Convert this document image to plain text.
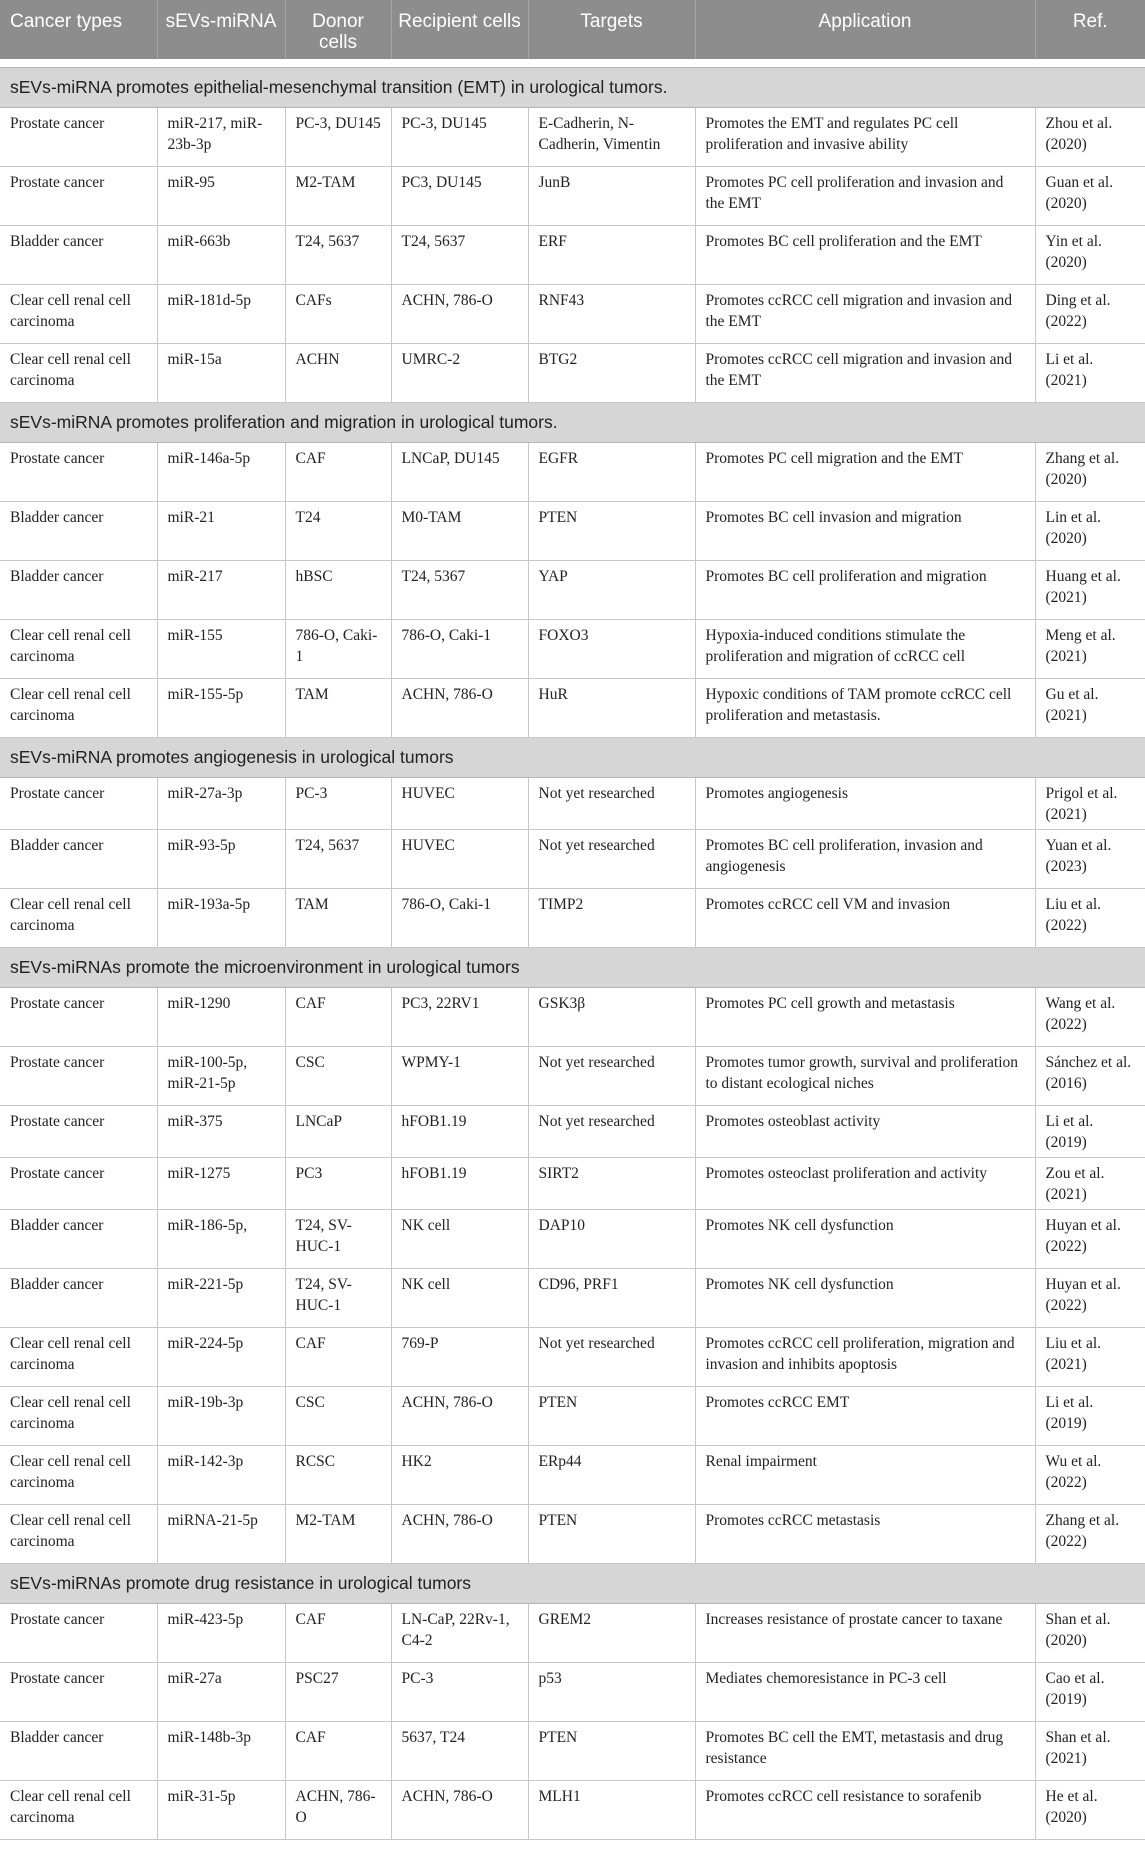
Cancer types	sEVs-miRNA	Donor cells	Recipient cells	Targets	Application	Ref.

sEVs-miRNA promotes epithelial-mesenchymal transition (EMT) in urological tumors.						
Prostate cancer	miR-217, miR-23b-3p	PC-3, DU145	PC-3, DU145	E-Cadherin, N-Cadherin, Vimentin	Promotes the EMT and regulates PC cell proliferation and invasive ability	Zhou et al. (2020)
Prostate cancer	miR-95	M2-TAM	PC3, DU145	JunB	Promotes PC cell proliferation and invasion and the EMT	Guan et al. (2020)
Bladder cancer	miR-663b	T24, 5637	T24, 5637	ERF	Promotes BC cell proliferation and the EMT	Yin et al. (2020)
Clear cell renal cell carcinoma	miR-181d-5p	CAFs	ACHN, 786-O	RNF43	Promotes ccRCC cell migration and invasion and the EMT	Ding et al. (2022)
Clear cell renal cell carcinoma	miR-15a	ACHN	UMRC-2	BTG2	Promotes ccRCC cell migration and invasion and the EMT	Li et al. (2021)
sEVs-miRNA promotes proliferation and migration in urological tumors.						
Prostate cancer	miR-146a-5p	CAF	LNCaP, DU145	EGFR	Promotes PC cell migration and the EMT	Zhang et al. (2020)
Bladder cancer	miR-21	T24	M0-TAM	PTEN	Promotes BC cell invasion and migration	Lin et al. (2020)
Bladder cancer	miR-217	hBSC	T24, 5367	YAP	Promotes BC cell proliferation and migration	Huang et al. (2021)
Clear cell renal cell carcinoma	miR-155	786-O, Caki-1	786-O, Caki-1	FOXO3	Hypoxia-induced conditions stimulate the proliferation and migration of ccRCC cell	Meng et al. (2021)
Clear cell renal cell carcinoma	miR-155-5p	TAM	ACHN, 786-O	HuR	Hypoxic conditions of TAM promote ccRCC cell proliferation and metastasis.	Gu et al. (2021)
sEVs-miRNA promotes angiogenesis in urological tumors						
Prostate cancer	miR-27a-3p	PC-3	HUVEC	Not yet researched	Promotes angiogenesis	Prigol et al. (2021)
Bladder cancer	miR-93-5p	T24, 5637	HUVEC	Not yet researched	Promotes BC cell proliferation, invasion and angiogenesis	Yuan et al. (2023)
Clear cell renal cell carcinoma	miR-193a-5p	TAM	786-O, Caki-1	TIMP2	Promotes ccRCC cell VM and invasion	Liu et al. (2022)
sEVs-miRNAs promote the microenvironment in urological tumors						
Prostate cancer	miR-1290	CAF	PC3, 22RV1	GSK3β	Promotes PC cell growth and metastasis	Wang et al. (2022)
Prostate cancer	miR-100-5p, miR-21-5p	CSC	WPMY-1	Not yet researched	Promotes tumor growth, survival and proliferation to distant ecological niches	Sánchez et al. (2016)
Prostate cancer	miR-375	LNCaP	hFOB1.19	Not yet researched	Promotes osteoblast activity	Li et al. (2019)
Prostate cancer	miR-1275	PC3	hFOB1.19	SIRT2	Promotes osteoclast proliferation and activity	Zou et al. (2021)
Bladder cancer	miR-186-5p,	T24, SV-HUC-1	NK cell	DAP10	Promotes NK cell dysfunction	Huyan et al. (2022)
Bladder cancer	miR-221-5p	T24, SV-HUC-1	NK cell	CD96, PRF1	Promotes NK cell dysfunction	Huyan et al. (2022)
Clear cell renal cell carcinoma	miR-224-5p	CAF	769-P	Not yet researched	Promotes ccRCC cell proliferation, migration and invasion and inhibits apoptosis	Liu et al. (2021)
Clear cell renal cell carcinoma	miR-19b-3p	CSC	ACHN, 786-O	PTEN	Promotes ccRCC EMT	Li et al. (2019)
Clear cell renal cell carcinoma	miR-142-3p	RCSC	HK2	ERp44	Renal impairment	Wu et al. (2022)
Clear cell renal cell carcinoma	miRNA-21-5p	M2-TAM	ACHN, 786-O	PTEN	Promotes ccRCC metastasis	Zhang et al. (2022)
sEVs-miRNAs promote drug resistance in urological tumors						
Prostate cancer	miR-423-5p	CAF	LN-CaP, 22Rv-1, C4-2	GREM2	Increases resistance of prostate cancer to taxane	Shan et al. (2020)
Prostate cancer	miR-27a	PSC27	PC-3	p53	Mediates chemoresistance in PC-3 cell	Cao et al. (2019)
Bladder cancer	miR-148b-3p	CAF	5637, T24	PTEN	Promotes BC cell the EMT, metastasis and drug resistance	Shan et al. (2021)
Clear cell renal cell carcinoma	miR-31-5p	ACHN, 786-O	ACHN, 786-O	MLH1	Promotes ccRCC cell resistance to sorafenib	He et al. (2020)
